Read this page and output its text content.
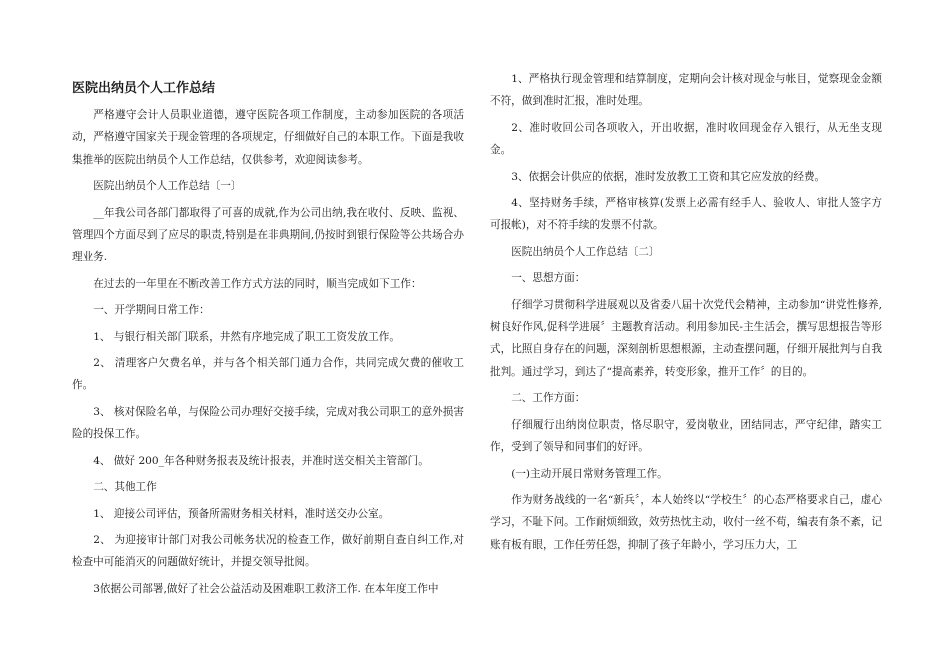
医院出纳员个人工作总结

严格遵守会计人员职业道德，遵守医院各项工作制度，主动参加医院的各项活动，严格遵守国家关于现金管理的各项规定，仔细做好自己的本职工作。下面是我收集推举的医院出纳员个人工作总结，仅供参考，欢迎阅读参考。

医院出纳员个人工作总结〔一〕

__年我公司各部门都取得了可喜的成就,作为公司出纳,我在收付、反映、监视、管理四个方面尽到了应尽的职责,特别是在非典期间,仍按时到银行保险等公共场合办理业务.

在过去的一年里在不断改善工作方式方法的同时，顺当完成如下工作：

一、开学期间日常工作：

1、 与银行相关部门联系，井然有序地完成了职工工资发放工作。

2、 清理客户欠费名单，并与各个相关部门通力合作，共同完成欠费的催收工作。

3、 核对保险名单，与保险公司办理好交接手续，完成对我公司职工的意外损害险的投保工作。

4、 做好 200_年各种财务报表及统计报表，并准时送交相关主管部门。

二、其他工作

1、 迎接公司评估，预备所需财务相关材料，准时送交办公室。

2、 为迎接审计部门对我公司帐务状况的检查工作，做好前期自查自纠工作,对检查中可能消灭的问题做好统计，并提交领导批阅。

3依据公司部署,做好了社会公益活动及困难职工救济工作. 在本年度工作中

1、严格执行现金管理和结算制度，定期向会计核对现金与帐目，觉察现金金额不符，做到准时汇报，准时处理。

2、准时收回公司各项收入，开出收据，准时收回现金存入银行，从无坐支现金。

3、依据会计供应的依据，准时发放教工工资和其它应发放的经费。

4、坚持财务手续，严格审核算(发票上必需有经手人、验收人、审批人签字方可报帐)，对不符手续的发票不付款。

医院出纳员个人工作总结〔二〕

一、思想方面：

仔细学习贯彻科学进展观以及省委八届十次党代会精神，主动参加“讲党性修养,树良好作风,促科学进展〞主题教育活动。利用参加民-主生活会，撰写思想报告等形式，比照自身存在的问题，深刻剖析思想根源，主动查摆问题，仔细开展批判与自我批判。通过学习，到达了“提高素养，转变形象，推开工作〞的目的。

二、工作方面：

仔细履行出纳岗位职责，恪尽职守，爱岗敬业，团结同志，严守纪律，踏实工作，受到了领导和同事们的好评。

(一)主动开展日常财务管理工作。

作为财务战线的一名“新兵〞，本人始终以“学校生〞的心态严格要求自己，虚心学习，不耻下问。工作耐烦细致，效劳热忱主动，收付一丝不苟，编表有条不紊，记账有板有眼，工作任劳任怨，抑制了孩子年龄小，学习压力大，工
